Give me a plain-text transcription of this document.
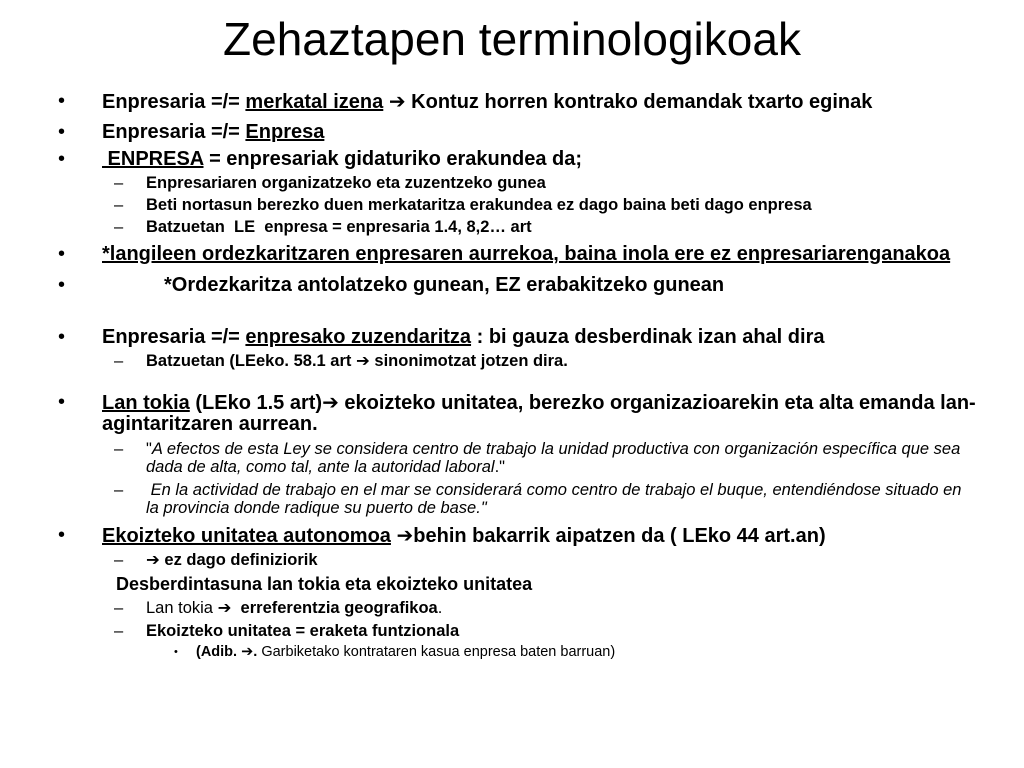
Zehaztapen terminologikoak
• Enpresaria =/= merkatal izena ➔ Kontuz horren kontrako demandak txarto eginak
• Enpresaria =/= Enpresa
• ENPRESA = enpresariak gidaturiko erakundea da;
– Enpresariaren organizatzeko eta zuzentzeko gunea
– Beti nortasun berezko duen merkataritza erakundea ez dago baina beti dago enpresa
– Batzuetan  LE  enpresa = enpresaria 1.4, 8,2… art
• *langileen ordezkaritzaren enpresaren aurrekoa, baina inola ere ez enpresariarenganakoa
•	*Ordezkaritza antolatzeko gunean, EZ erabakitzeko gunean
• Enpresaria =/= enpresako zuzendaritza : bi gauza desberdinak izan ahal dira
– Batzuetan (LEeko. 58.1 art ➔ sinonimotzat jotzen dira.
• Lan tokia (LEko 1.5 art)➔ ekoizteko unitatea, berezko organizazioarekin eta alta emanda lan-agintaritzaren aurrean.
– "A efectos de esta Ley se considera centro de trabajo la unidad productiva con organización específica que sea dada de alta, como tal, ante la autoridad laboral."
– En la actividad de trabajo en el mar se considerará como centro de trabajo el buque, entendiéndose situado en la provincia donde radique su puerto de base."
• Ekoizteko unitatea autonomoa ➔behin bakarrik aipatzen da ( LEko 44 art.an)
– ➔ ez dago definiziorik
Desberdintasuna lan tokia eta ekoizteko unitatea
– Lan tokia ➔  erreferentzia geografikoa.
– Ekoizteko unitatea = eraketa funtzionala
• (Adib. ➔. Garbiketako kontrataren kasua enpresa baten barruan)
